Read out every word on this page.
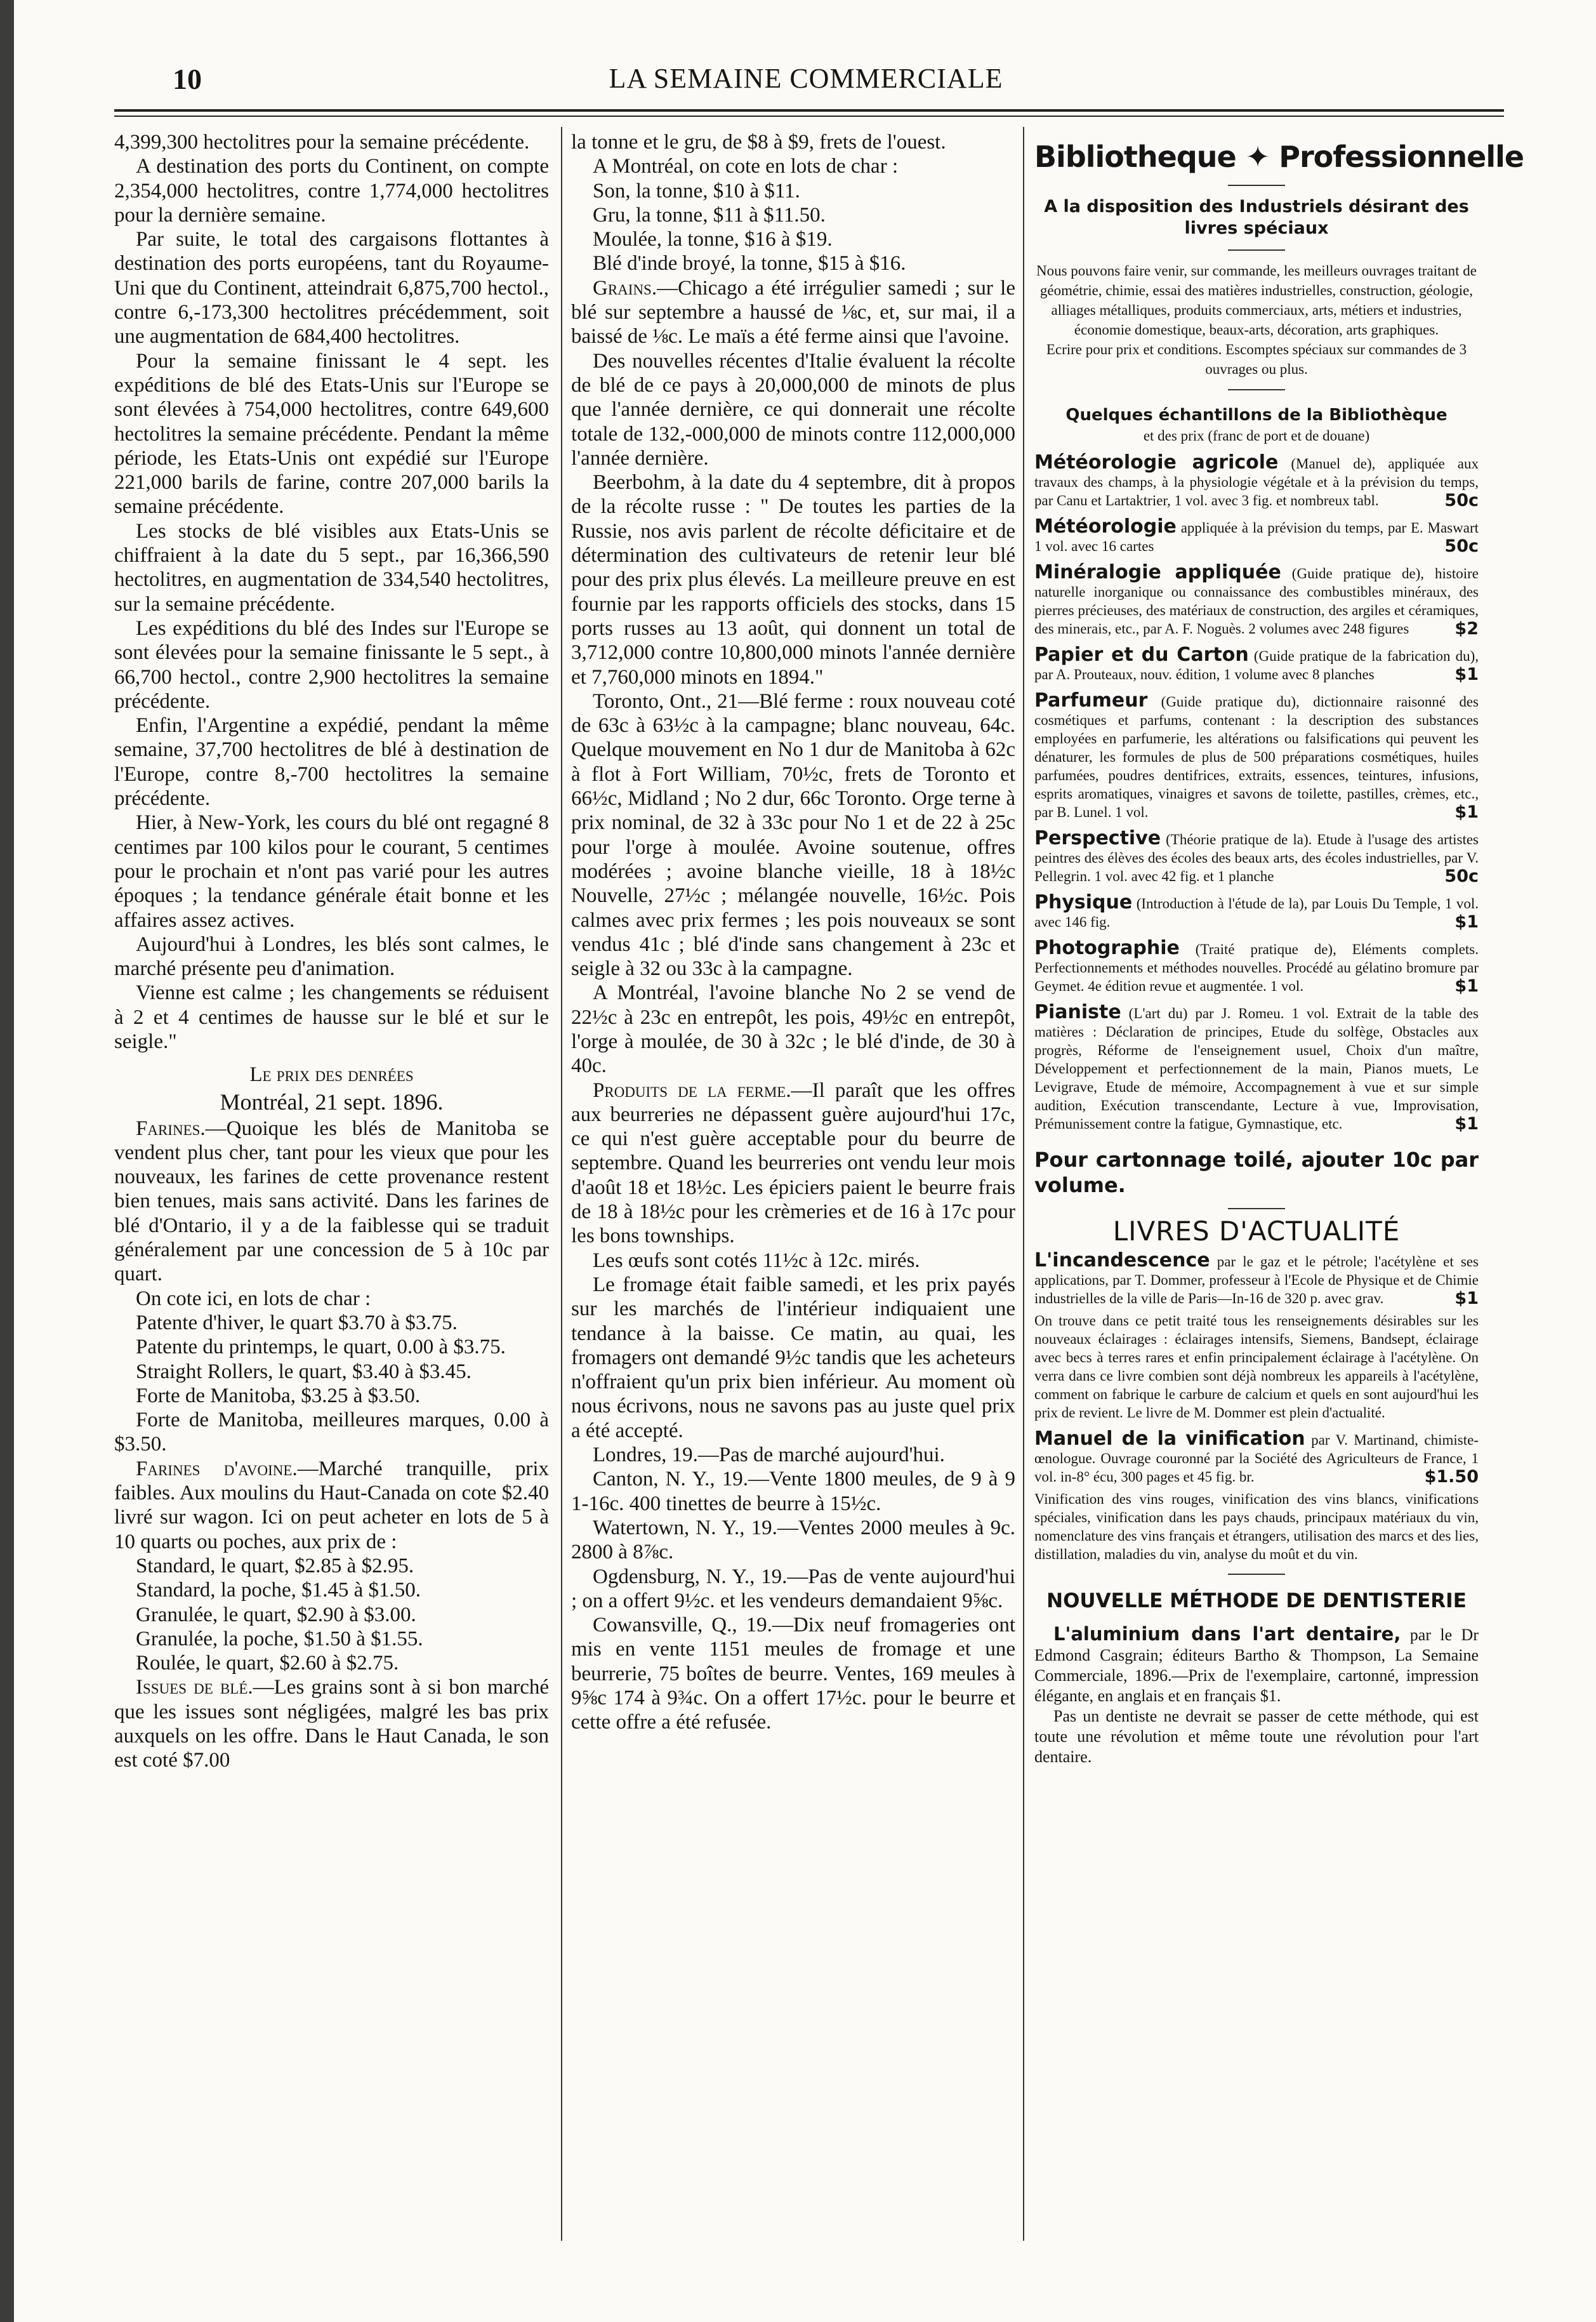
10	LA SEMAINE COMMERCIALE

4,399,300 hectolitres pour la semaine précédente.

A destination des ports du Continent, on compte 2,354,000 hectolitres, contre 1,774,000 hectolitres pour la dernière semaine.

Par suite, le total des cargaisons flottantes à destination des ports européens, tant du Royaume-Uni que du Continent, atteindrait 6,875,700 hectol., contre 6,-173,300 hectolitres précédemment, soit une augmentation de 684,400 hectolitres.

Pour la semaine finissant le 4 sept. les expéditions de blé des Etats-Unis sur l'Europe se sont élevées à 754,000 hectolitres, contre 649,600 hectolitres la semaine précédente. Pendant la même période, les Etats-Unis ont expédié sur l'Europe 221,000 barils de farine, contre 207,000 barils la semaine précédente.

Les stocks de blé visibles aux Etats-Unis se chiffraient à la date du 5 sept., par 16,366,590 hectolitres, en augmentation de 334,540 hectolitres, sur la semaine précédente.

Les expéditions du blé des Indes sur l'Europe se sont élevées pour la semaine finissante le 5 sept., à 66,700 hectol., contre 2,900 hectolitres la semaine précédente.

Enfin, l'Argentine a expédié, pendant la même semaine, 37,700 hectolitres de blé à destination de l'Europe, contre 8,-700 hectolitres la semaine précédente.

Hier, à New-York, les cours du blé ont regagné 8 centimes par 100 kilos pour le courant, 5 centimes pour le prochain et n'ont pas varié pour les autres époques ; la tendance générale était bonne et les affaires assez actives.

Aujourd'hui à Londres, les blés sont calmes, le marché présente peu d'animation.

Vienne est calme ; les changements se réduisent à 2 et 4 centimes de hausse sur le blé et sur le seigle."

Le prix des denrées

Montréal, 21 sept. 1896.

Farines.—Quoique les blés de Manitoba se vendent plus cher, tant pour les vieux que pour les nouveaux, les farines de cette provenance restent bien tenues, mais sans activité. Dans les farines de blé d'Ontario, il y a de la faiblesse qui se traduit généralement par une concession de 5 à 10c par quart.

On cote ici, en lots de char :

Patente d'hiver, le quart $3.70 à $3.75.

Patente du printemps, le quart, 0.00 à $3.75.

Straight Rollers, le quart, $3.40 à $3.45.

Forte de Manitoba, $3.25 à $3.50.

Forte de Manitoba, meilleures marques, 0.00 à $3.50.

Farines d'avoine.—Marché tranquille, prix faibles. Aux moulins du Haut-Canada on cote $2.40 livré sur wagon. Ici on peut acheter en lots de 5 à 10 quarts ou poches, aux prix de :

Standard, le quart, $2.85 à $2.95.

Standard, la poche, $1.45 à $1.50.

Granulée, le quart, $2.90 à $3.00.

Granulée, la poche, $1.50 à $1.55.

Roulée, le quart, $2.60 à $2.75.

Issues de blé.—Les grains sont à si bon marché que les issues sont négligées, malgré les bas prix auxquels on les offre. Dans le Haut Canada, le son est coté $7.00

la tonne et le gru, de $8 à $9, frets de l'ouest.

A Montréal, on cote en lots de char :

Son, la tonne, $10 à $11.

Gru, la tonne, $11 à $11.50.

Moulée, la tonne, $16 à $19.

Blé d'inde broyé, la tonne, $15 à $16.

Grains.—Chicago a été irrégulier samedi ; sur le blé sur septembre a haussé de ⅛c, et, sur mai, il a baissé de ⅛c. Le maïs a été ferme ainsi que l'avoine.

Des nouvelles récentes d'Italie évaluent la récolte de blé de ce pays à 20,000,000 de minots de plus que l'année dernière, ce qui donnerait une récolte totale de 132,-000,000 de minots contre 112,000,000 l'année dernière.

Beerbohm, à la date du 4 septembre, dit à propos de la récolte russe : " De toutes les parties de la Russie, nos avis parlent de récolte déficitaire et de détermination des cultivateurs de retenir leur blé pour des prix plus élevés. La meilleure preuve en est fournie par les rapports officiels des stocks, dans 15 ports russes au 13 août, qui donnent un total de 3,712,000 contre 10,800,000 minots l'année dernière et 7,760,000 minots en 1894."

Toronto, Ont., 21—Blé ferme : roux nouveau coté de 63c à 63½c à la campagne; blanc nouveau, 64c. Quelque mouvement en No 1 dur de Manitoba à 62c à flot à Fort William, 70½c, frets de Toronto et 66½c, Midland ; No 2 dur, 66c Toronto. Orge terne à prix nominal, de 32 à 33c pour No 1 et de 22 à 25c pour l'orge à moulée. Avoine soutenue, offres modérées ; avoine blanche vieille, 18 à 18½c Nouvelle, 27½c ; mélangée nouvelle, 16½c. Pois calmes avec prix fermes ; les pois nouveaux se sont vendus 41c ; blé d'inde sans changement à 23c et seigle à 32 ou 33c à la campagne.

A Montréal, l'avoine blanche No 2 se vend de 22½c à 23c en entrepôt, les pois, 49½c en entrepôt, l'orge à moulée, de 30 à 32c ; le blé d'inde, de 30 à 40c.

Produits de la ferme.—Il paraît que les offres aux beurreries ne dépassent guère aujourd'hui 17c, ce qui n'est guère acceptable pour du beurre de septembre. Quand les beurreries ont vendu leur mois d'août 18 et 18½c. Les épiciers paient le beurre frais de 18 à 18½c pour les crèmeries et de 16 à 17c pour les bons townships.

Les œufs sont cotés 11½c à 12c. mirés.

Le fromage était faible samedi, et les prix payés sur les marchés de l'intérieur indiquaient une tendance à la baisse. Ce matin, au quai, les fromagers ont demandé 9½c tandis que les acheteurs n'offraient qu'un prix bien inférieur. Au moment où nous écrivons, nous ne savons pas au juste quel prix a été accepté.

Londres, 19.—Pas de marché aujourd'hui.

Canton, N. Y., 19.—Vente 1800 meules, de 9 à 9 1-16c. 400 tinettes de beurre à 15½c.

Watertown, N. Y., 19.—Ventes 2000 meules à 9c. 2800 à 8⅞c.

Ogdensburg, N. Y., 19.—Pas de vente aujourd'hui ; on a offert 9½c. et les vendeurs demandaient 9⅝c.

Cowansville, Q., 19.—Dix neuf fromageries ont mis en vente 1151 meules de fromage et une beurrerie, 75 boîtes de beurre. Ventes, 169 meules à 9⅝c 174 à 9¾c. On a offert 17½c. pour le beurre et cette offre a été refusée.

Bibliotheque ✦ Professionnelle
A la disposition des Industriels désirant des livres spéciaux
Nous pouvons faire venir, sur commande, les meilleurs ouvrages traitant de géométrie, chimie, essai des matières industrielles, construction, géologie, alliages métalliques, produits commerciaux, arts, métiers et industries, économie domestique, beaux-arts, décoration, arts graphiques.
Ecrire pour prix et conditions. Escomptes spéciaux sur commandes de 3 ouvrages ou plus.
Quelques échantillons de la Bibliothèque
et des prix (franc de port et de douane)
Météorologie agricole (Manuel de), appliquée aux travaux des champs, à la physiologie végétale et à la prévision du temps, par Canu et Lartaktrier, 1 vol. avec 3 fig. et nombreux tabl.	50c
Météorologie appliquée à la prévision du temps, par E. Maswart 1 vol. avec 16 cartes	50c
Minéralogie appliquée (Guide pratique de), histoire naturelle inorganique ou connaissance des combustibles minéraux, des pierres précieuses, des matériaux de construction, des argiles et céramiques, des minerais, etc., par A. F. Noguès. 2 volumes avec 248 figures	$2
Papier et du Carton (Guide pratique de la fabrication du), par A. Prouteaux, nouv. édition, 1 volume avec 8 planches	$1
Parfumeur (Guide pratique du), dictionnaire raisonné des cosmétiques et parfums, contenant : la description des substances employées en parfumerie, les altérations ou falsifications qui peuvent les dénaturer, les formules de plus de 500 préparations cosmétiques, huiles parfumées, poudres dentifrices, extraits, essences, teintures, infusions, esprits aromatiques, vinaigres et savons de toilette, pastilles, crèmes, etc., par B. Lunel. 1 vol.	$1
Perspective (Théorie pratique de la). Etude à l'usage des artistes peintres des élèves des écoles des beaux arts, des écoles industrielles, par V. Pellegrin. 1 vol. avec 42 fig. et 1 planche	50c
Physique (Introduction à l'étude de la), par Louis Du Temple, 1 vol. avec 146 fig.	$1
Photographie (Traité pratique de), Eléments complets. Perfectionnements et méthodes nouvelles. Procédé au gélatino bromure par Geymet. 4e édition revue et augmentée. 1 vol.	$1
Pianiste (L'art du) par J. Romeu. 1 vol. Extrait de la table des matières : Déclaration de principes, Etude du solfège, Obstacles aux progrès, Réforme de l'enseignement usuel, Choix d'un maître, Développement et perfectionnement de la main, Pianos muets, Le Levigrave, Etude de mémoire, Accompagnement à vue et sur simple audition, Exécution transcendante, Lecture à vue, Improvisation, Prémunissement contre la fatigue, Gymnastique, etc.	$1
Pour cartonnage toilé, ajouter 10c par volume.
LIVRES D'ACTUALITÉ
L'incandescence par le gaz et le pétrole; l'acétylène et ses applications, par T. Dommer, professeur à l'Ecole de Physique et de Chimie industrielles de la ville de Paris—In-16 de 320 p. avec grav.	$1
On trouve dans ce petit traité tous les renseignements désirables sur les nouveaux éclairages : éclairages intensifs, Siemens, Bandsept, éclairage avec becs à terres rares et enfin principalement éclairage à l'acétylène. On verra dans ce livre combien sont déjà nombreux les appareils à l'acétylène, comment on fabrique le carbure de calcium et quels en sont aujourd'hui les prix de revient. Le livre de M. Dommer est plein d'actualité.
Manuel de la vinification par V. Martinand, chimiste-œnologue. Ouvrage couronné par la Société des Agriculteurs de France, 1 vol. in-8° écu, 300 pages et 45 fig. br.	$1.50
Vinification des vins rouges, vinification des vins blancs, vinifications spéciales, vinification dans les pays chauds, principaux matériaux du vin, nomenclature des vins français et étrangers, utilisation des marcs et des lies, distillation, maladies du vin, analyse du moût et du vin.
NOUVELLE MÉTHODE DE DENTISTERIE

L'aluminium dans l'art dentaire, par le Dr Edmond Casgrain; éditeurs Bartho & Thompson, La Semaine Commerciale, 1896.—Prix de l'exemplaire, cartonné, impression élégante, en anglais et en français $1.

Pas un dentiste ne devrait se passer de cette méthode, qui est toute une révolution et même toute une révolution pour l'art dentaire.
